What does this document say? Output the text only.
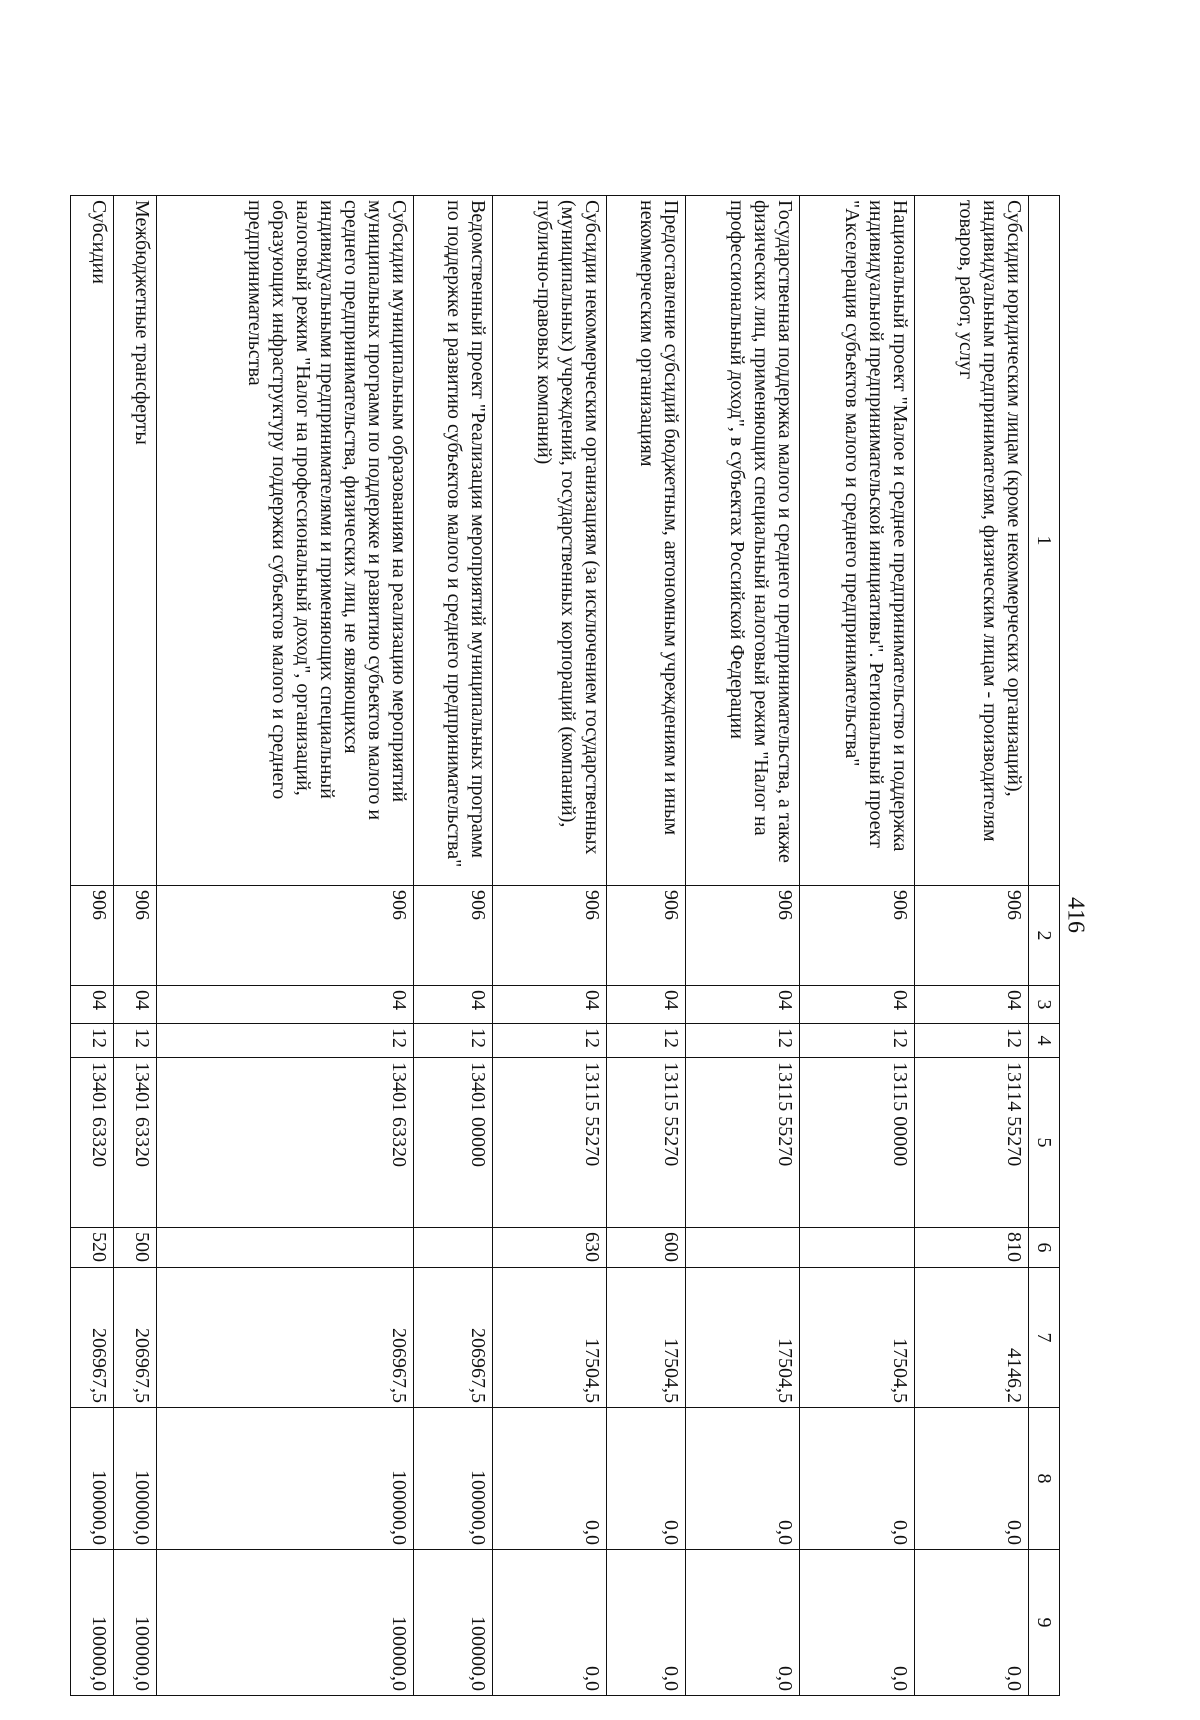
416
1	2	3	4	5	6	7	8	9
Субсидии юридическим лицам (кроме некоммерческих организаций), индивидуальным предпринимателям, физическим лицам - производителям товаров, работ, услуг	906	04	12	13114 55270	810	4146,2	0,0	0,0
Национальный проект "Малое и среднее предпринимательство и поддержка индивидуальной предпринимательской инициативы". Региональный проект "Акселерация субъектов малого и среднего предпринимательства"	906	04	12	13115 00000		17504,5	0,0	0,0
Государственная поддержка малого и среднего предпринимательства, а также физических лиц, применяющих специальный налоговый режим "Налог на профессиональный доход", в субъектах Российской Федерации	906	04	12	13115 55270		17504,5	0,0	0,0
Предоставление субсидий бюджетным, автономным учреждениям и иным некоммерческим организациям	906	04	12	13115 55270	600	17504,5	0,0	0,0
Субсидии некоммерческим организациям (за исключением государственных (муниципальных) учреждений, государственных корпораций (компаний), публично-правовых компаний)	906	04	12	13115 55270	630	17504,5	0,0	0,0
Ведомственный проект "Реализация мероприятий муниципальных программ по поддержке и развитию субъектов малого и среднего предпринимательства"	906	04	12	13401 00000		206967,5	100000,0	100000,0
Субсидии муниципальным образованиям на реализацию мероприятий муниципальных программ по поддержке и развитию субъектов малого и среднего предпринимательства, физических лиц, не являющихся индивидуальными предпринимателями и применяющих специальный налоговый режим "Налог на профессиональный доход", организаций, образующих инфраструктуру поддержки субъектов малого и среднего предпринимательства	906	04	12	13401 63320		206967,5	100000,0	100000,0
Межбюджетные трансферты	906	04	12	13401 63320	500	206967,5	100000,0	100000,0
Субсидии	906	04	12	13401 63320	520	206967,5	100000,0	100000,0
